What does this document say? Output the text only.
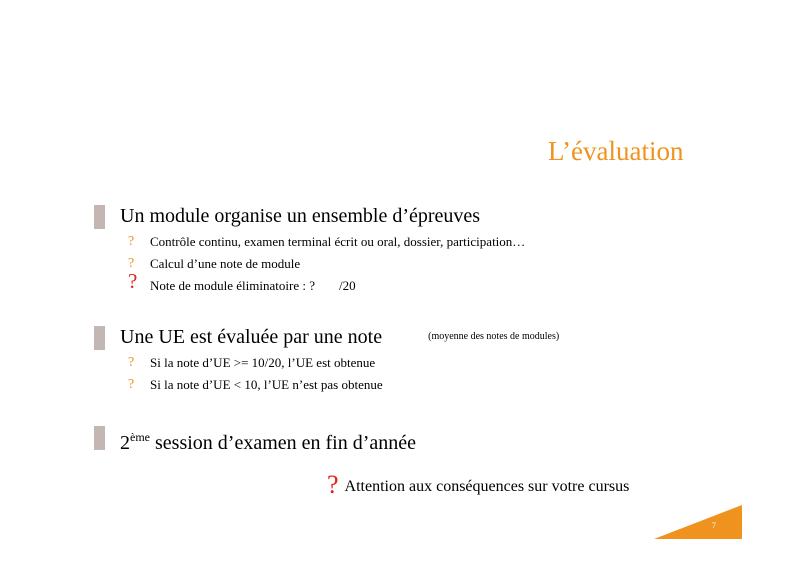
L’évaluation
Un module organise un ensemble d’épreuves
? Contrôle continu, examen terminal écrit ou oral, dossier, participation…
? Calcul d’une note de module
? Note de module éliminatoire : ? /20
Une UE est évaluée par une note	$^{(moyenne des notes de modules)}$
? Si la note d’UE >= 10/20, l’UE est obtenue
? Si la note d’UE < 10, l’UE n’est pas obtenue
2ème session d’examen en fin d’année
? Attention aux conséquences sur votre cursus
7
